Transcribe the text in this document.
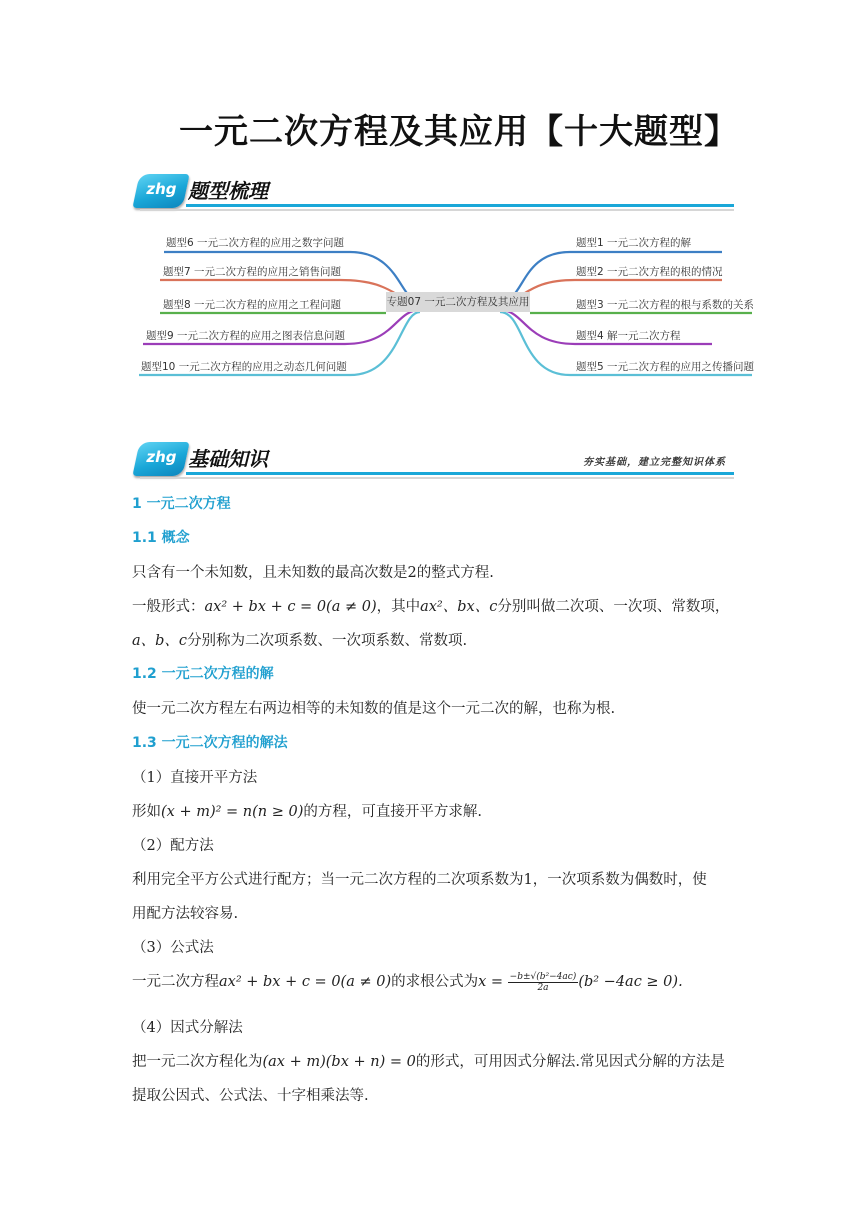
一元二次方程及其应用【十大题型】
zhg 题型梳理
专题07 一元二次方程及其应用
题型6 一元二次方程的应用之数字问题
题型7 一元二次方程的应用之销售问题
题型8 一元二次方程的应用之工程问题
题型9 一元二次方程的应用之图表信息问题
题型10 一元二次方程的应用之动态几何问题
题型1 一元二次方程的解
题型2 一元二次方程的根的情况
题型3 一元二次方程的根与系数的关系
题型4 解一元二次方程
题型5 一元二次方程的应用之传播问题
zhg 基础知识	夯实基础，建立完整知识体系
1 一元二次方程
1.1 概念
只含有一个未知数，且未知数的最高次数是2的整式方程.
一般形式：ax² + bx + c = 0(a ≠ 0)，其中ax²、bx、c分别叫做二次项、一次项、常数项，
a、b、c分别称为二次项系数、一次项系数、常数项.
1.2 一元二次方程的解
使一元二次方程左右两边相等的未知数的值是这个一元二次的解，也称为根.
1.3 一元二次方程的解法
（1）直接开平方法
形如(x + m)² = n(n ≥ 0)的方程，可直接开平方求解.
（2）配方法
利用完全平方公式进行配方；当一元二次方程的二次项系数为1，一次项系数为偶数时，使
用配方法较容易.
（3）公式法
一元二次方程ax² + bx + c = 0(a ≠ 0)的求根公式为$x = \frac{\text{−b±√(b²−4ac)}}{2a} (b^2 -4ac \ge 0)$.
（4）因式分解法
把一元二次方程化为(ax + m)(bx + n) = 0的形式，可用因式分解法.常见因式分解的方法是
提取公因式、公式法、十字相乘法等.
